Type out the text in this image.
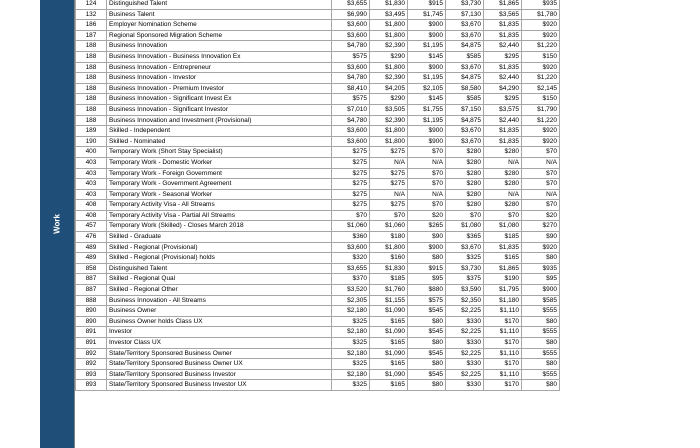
Work
124	Distinguished Talent	$3,655	$1,830	$915	$3,730	$1,865	$935
132	Business Talent	$6,990	$3,495	$1,745	$7,130	$3,565	$1,780
186	Employer Nomination Scheme	$3,600	$1,800	$900	$3,670	$1,835	$920
187	Regional Sponsored Migration Scheme	$3,600	$1,800	$900	$3,670	$1,835	$920
188	Business Innovation	$4,780	$2,390	$1,195	$4,875	$2,440	$1,220
188	Business Innovation - Business Innovation Ex	$575	$290	$145	$585	$295	$150
188	Business Innovation - Entrepreneur	$3,600	$1,800	$900	$3,670	$1,835	$920
188	Business Innovation - Investor	$4,780	$2,390	$1,195	$4,875	$2,440	$1,220
188	Business Innovation - Premium Investor	$8,410	$4,205	$2,105	$8,580	$4,290	$2,145
188	Business Innovation - Significant Invest Ex	$575	$290	$145	$585	$295	$150
188	Business Innovation - Significant Investor	$7,010	$3,505	$1,755	$7,150	$3,575	$1,790
188	Business Innovation and Investment (Provisional)	$4,780	$2,390	$1,195	$4,875	$2,440	$1,220
189	Skilled - Independent	$3,600	$1,800	$900	$3,670	$1,835	$920
190	Skilled - Nominated	$3,600	$1,800	$900	$3,670	$1,835	$920
400	Temporary Work (Short Stay Specialist)	$275	$275	$70	$280	$280	$70
403	Temporary Work - Domestic Worker	$275	N/A	N/A	$280	N/A	N/A
403	Temporary Work - Foreign Government	$275	$275	$70	$280	$280	$70
403	Temporary Work - Government Agreement	$275	$275	$70	$280	$280	$70
403	Temporary Work - Seasonal Worker	$275	N/A	N/A	$280	N/A	N/A
408	Temporary Activity Visa - All Streams	$275	$275	$70	$280	$280	$70
408	Temporary Activity Visa - Partial All Streams	$70	$70	$20	$70	$70	$20
457	Temporary Work (Skilled) - Closes March 2018	$1,060	$1,060	$265	$1,080	$1,080	$270
476	Skilled - Graduate	$360	$180	$90	$365	$185	$90
489	Skilled - Regional (Provisional)	$3,600	$1,800	$900	$3,670	$1,835	$920
489	Skilled - Regional (Provisional) holds	$320	$160	$80	$325	$165	$80
858	Distinguished Talent	$3,655	$1,830	$915	$3,730	$1,865	$935
887	Skilled - Regional Qual	$370	$185	$95	$375	$190	$95
887	Skilled - Regional Other	$3,520	$1,760	$880	$3,590	$1,795	$900
888	Business Innovation - All Streams	$2,305	$1,155	$575	$2,350	$1,180	$585
890	Business Owner	$2,180	$1,090	$545	$2,225	$1,110	$555
890	Business Owner holds Class UX	$325	$165	$80	$330	$170	$80
891	Investor	$2,180	$1,090	$545	$2,225	$1,110	$555
891	Investor Class UX	$325	$165	$80	$330	$170	$80
892	State/Territory Sponsored Business Owner	$2,180	$1,090	$545	$2,225	$1,110	$555
892	State/Territory Sponsored Business Owner UX	$325	$165	$80	$330	$170	$80
893	State/Territory Sponsored Business Investor	$2,180	$1,090	$545	$2,225	$1,110	$555
893	State/Territory Sponsored Business Investor UX	$325	$165	$80	$330	$170	$80
